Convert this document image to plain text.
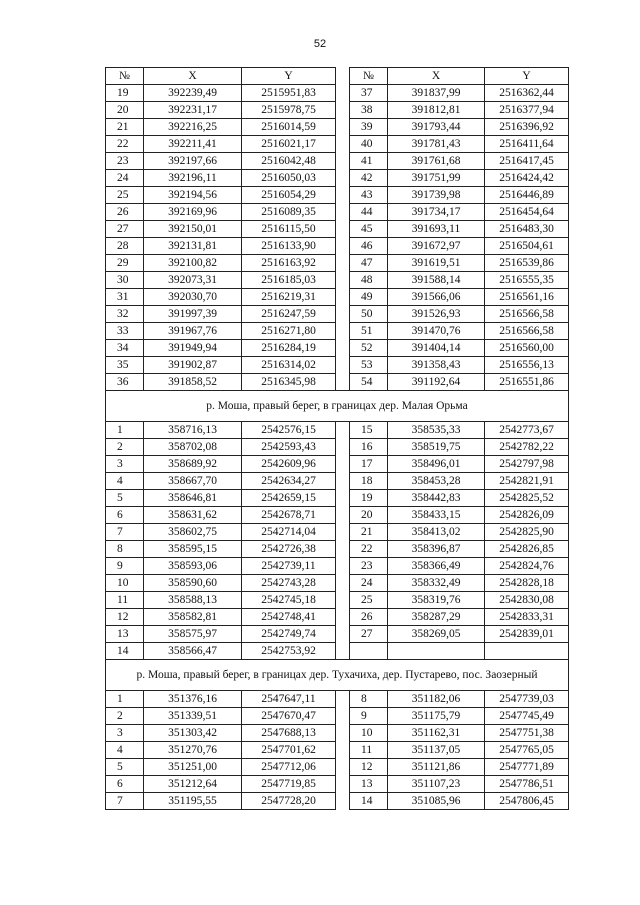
52
№	X	Y		№	X	Y
19	392239,49	2515951,83		37	391837,99	2516362,44
20	392231,17	2515978,75		38	391812,81	2516377,94
21	392216,25	2516014,59		39	391793,44	2516396,92
22	392211,41	2516021,17		40	391781,43	2516411,64
23	392197,66	2516042,48		41	391761,68	2516417,45
24	392196,11	2516050,03		42	391751,99	2516424,42
25	392194,56	2516054,29		43	391739,98	2516446,89
26	392169,96	2516089,35		44	391734,17	2516454,64
27	392150,01	2516115,50		45	391693,11	2516483,30
28	392131,81	2516133,90		46	391672,97	2516504,61
29	392100,82	2516163,92		47	391619,51	2516539,86
30	392073,31	2516185,03		48	391588,14	2516555,35
31	392030,70	2516219,31		49	391566,06	2516561,16
32	391997,39	2516247,59		50	391526,93	2516566,58
33	391967,76	2516271,80		51	391470,76	2516566,58
34	391949,94	2516284,19		52	391404,14	2516560,00
35	391902,87	2516314,02		53	391358,43	2516556,13
36	391858,52	2516345,98		54	391192,64	2516551,86
р. Моша, правый берег, в границах дер. Малая Орьма						
1	358716,13	2542576,15		15	358535,33	2542773,67
2	358702,08	2542593,43		16	358519,75	2542782,22
3	358689,92	2542609,96		17	358496,01	2542797,98
4	358667,70	2542634,27		18	358453,28	2542821,91
5	358646,81	2542659,15		19	358442,83	2542825,52
6	358631,62	2542678,71		20	358433,15	2542826,09
7	358602,75	2542714,04		21	358413,02	2542825,90
8	358595,15	2542726,38		22	358396,87	2542826,85
9	358593,06	2542739,11		23	358366,49	2542824,76
10	358590,60	2542743,28		24	358332,49	2542828,18
11	358588,13	2542745,18		25	358319,76	2542830,08
12	358582,81	2542748,41		26	358287,29	2542833,31
13	358575,97	2542749,74		27	358269,05	2542839,01
14	358566,47	2542753,92				
р. Моша, правый берег, в границах дер. Тухачиха, дер. Пустарево, пос. Заозерный						
1	351376,16	2547647,11		8	351182,06	2547739,03
2	351339,51	2547670,47		9	351175,79	2547745,49
3	351303,42	2547688,13		10	351162,31	2547751,38
4	351270,76	2547701,62		11	351137,05	2547765,05
5	351251,00	2547712,06		12	351121,86	2547771,89
6	351212,64	2547719,85		13	351107,23	2547786,51
7	351195,55	2547728,20		14	351085,96	2547806,45
